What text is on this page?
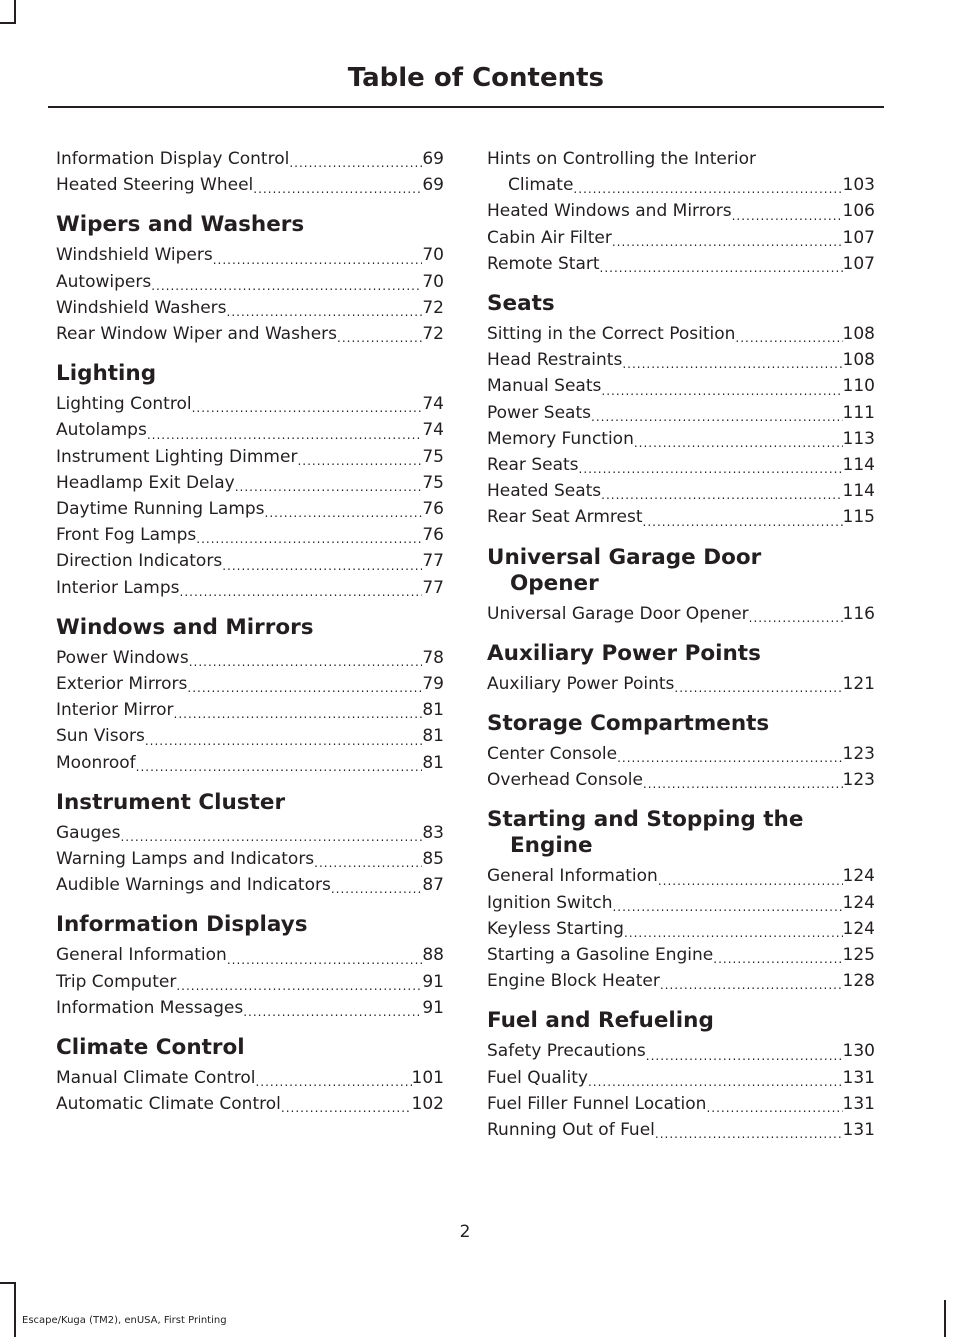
Table of Contents
Information Display Control .....	69
Heated Steering Wheel .....	69
Wipers and Washers
Windshield Wipers .....	70
Autowipers .....	70
Windshield Washers .....	72
Rear Window Wiper and Washers .....	72
Lighting
Lighting Control .....	74
Autolamps .....	74
Instrument Lighting Dimmer .....	75
Headlamp Exit Delay .....	75
Daytime Running Lamps .....	76
Front Fog Lamps .....	76
Direction Indicators .....	77
Interior Lamps .....	77
Windows and Mirrors
Power Windows .....	78
Exterior Mirrors .....	79
Interior Mirror .....	81
Sun Visors .....	81
Moonroof .....	81
Instrument Cluster
Gauges .....	83
Warning Lamps and Indicators .....	85
Audible Warnings and Indicators .....	87
Information Displays
General Information .....	88
Trip Computer .....	91
Information Messages .....	91
Climate Control
Manual Climate Control .....	101
Automatic Climate Control .....	102
Hints on Controlling the Interior
Climate .....	103
Heated Windows and Mirrors .....	106
Cabin Air Filter .....	107
Remote Start .....	107
Seats
Sitting in the Correct Position .....	108
Head Restraints .....	108
Manual Seats .....	110
Power Seats .....	111
Memory Function .....	113
Rear Seats .....	114
Heated Seats .....	114
Rear Seat Armrest .....	115
Universal Garage Door
Opener
Universal Garage Door Opener .....	116
Auxiliary Power Points
Auxiliary Power Points .....	121
Storage Compartments
Center Console .....	123
Overhead Console .....	123
Starting and Stopping the
Engine
General Information .....	124
Ignition Switch .....	124
Keyless Starting .....	124
Starting a Gasoline Engine .....	125
Engine Block Heater .....	128
Fuel and Refueling
Safety Precautions .....	130
Fuel Quality .....	131
Fuel Filler Funnel Location .....	131
Running Out of Fuel .....	131
2
Escape/Kuga (TM2), enUSA, First Printing
